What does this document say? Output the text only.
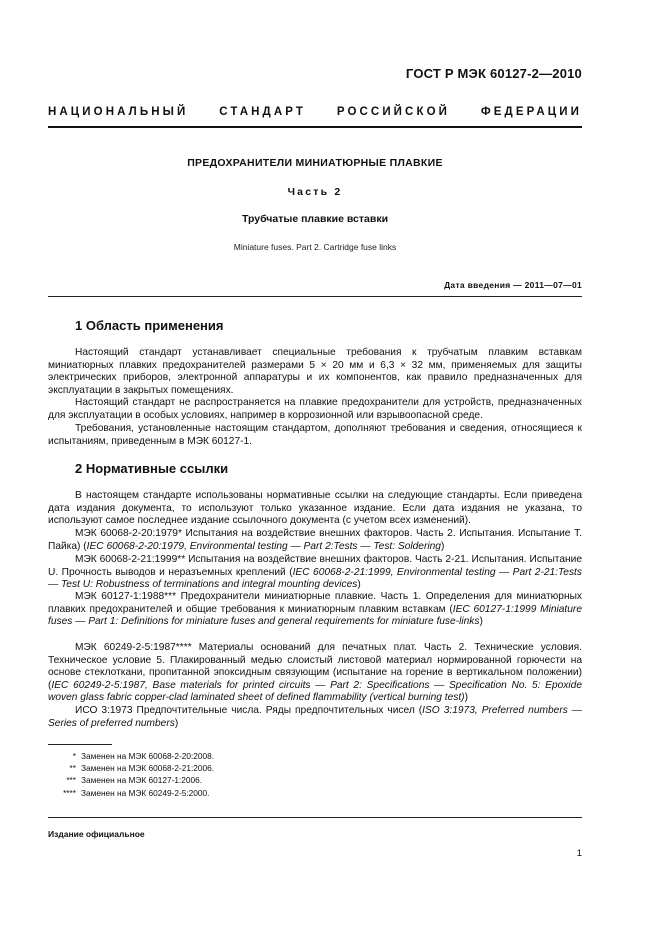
ГОСТ Р МЭК 60127-2—2010
НАЦИОНАЛЬНЫЙ СТАНДАРТ РОССИЙСКОЙ ФЕДЕРАЦИИ
ПРЕДОХРАНИТЕЛИ МИНИАТЮРНЫЕ ПЛАВКИЕ
Часть 2
Трубчатые плавкие вставки
Miniature fuses. Part 2. Cartridge fuse links
Дата введения — 2011—07—01
1 Область применения

Настоящий стандарт устанавливает специальные требования к трубчатым плавким вставкам миниатюрных плавких предохранителей размерами 5 × 20 мм и 6,3 × 32 мм, применяемых для защиты электрических приборов, электронной аппаратуры и их компонентов, как правило предназначенных для эксплуатации в закрытых помещениях.

Настоящий стандарт не распространяется на плавкие предохранители для устройств, предназначенных для эксплуатации в особых условиях, например в коррозионной или взрывоопасной среде.

Требования, установленные настоящим стандартом, дополняют требования и сведения, относящиеся к испытаниям, приведенным в МЭК 60127-1.

2 Нормативные ссылки

В настоящем стандарте использованы нормативные ссылки на следующие стандарты. Если приведена дата издания документа, то используют только указанное издание. Если дата издания не указана, то используют самое последнее издание ссылочного документа (с учетом всех изменений).

МЭК 60068-2-20:1979* Испытания на воздействие внешних факторов. Часть 2. Испытания. Испытание T. Пайка) (IEC 60068-2-20:1979, Environmental testing — Part 2:Tests — Test: Soldering)

МЭК 60068-2-21:1999** Испытания на воздействие внешних факторов. Часть 2-21. Испытания. Испытание U. Прочность выводов и неразъемных креплений (IEC 60068-2-21:1999, Environmental testing — Part 2-21:Tests — Test U: Robustness of terminations and integral mounting devices)

МЭК 60127-1:1988*** Предохранители миниатюрные плавкие. Часть 1. Определения для миниатюрных плавких предохранителей и общие требования к миниатюрным плавким вставкам (IEC 60127-1:1999 Miniature fuses — Part 1: Definitions for miniature fuses and general requirements for miniature fuse-links)

МЭК 60249-2-5:1987**** Материалы оснований для печатных плат. Часть 2. Технические условия. Техническое условие 5. Плакированный медью слоистый листовой материал нормированной горючести на основе стеклоткани, пропитанной эпоксидным связующим (испытание на горение в вертикальном положении) (IEC 60249-2-5:1987, Base materials for printed circuits — Part 2: Specifications — Specification No. 5: Epoxide woven glass fabric copper-clad laminated sheet of defined flammability (vertical burning test))

ИСО 3:1973 Предпочтительные числа. Ряды предпочтительных чисел (ISO 3:1973, Preferred numbers — Series of preferred numbers)

* Заменен на МЭК 60068-2-20:2008.
** Заменен на МЭК 60068-2-21:2006.
*** Заменен на МЭК 60127-1:2006.
**** Заменен на МЭК 60249-2-5:2000.
Издание официальное
1
